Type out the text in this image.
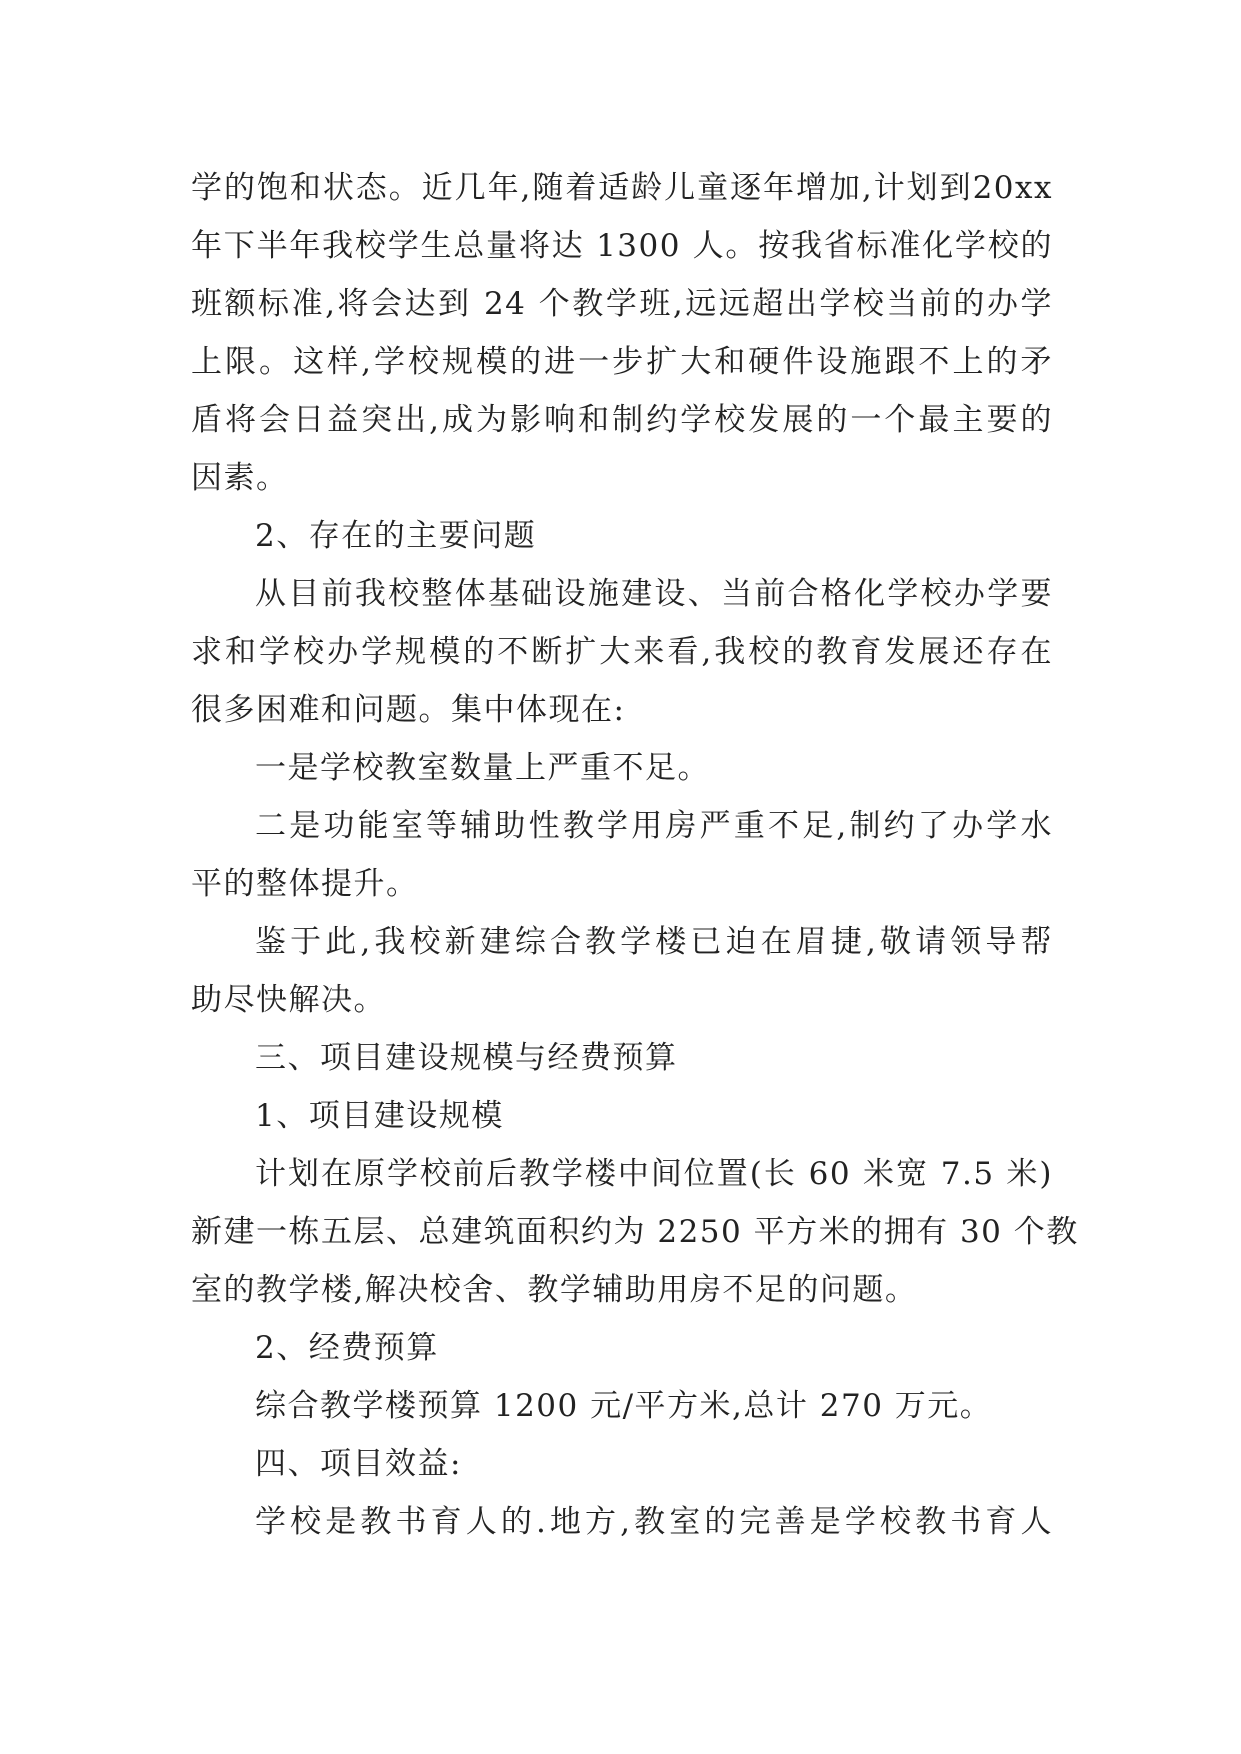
学的饱和状态。近几年,随着适龄儿童逐年增加,计划到20xx
年下半年我校学生总量将达 1300 人。按我省标准化学校的
班额标准,将会达到 24 个教学班,远远超出学校当前的办学
上限。这样,学校规模的进一步扩大和硬件设施跟不上的矛
盾将会日益突出,成为影响和制约学校发展的一个最主要的
因素。
2、存在的主要问题
从目前我校整体基础设施建设、当前合格化学校办学要
求和学校办学规模的不断扩大来看,我校的教育发展还存在
很多困难和问题。集中体现在:
一是学校教室数量上严重不足。
二是功能室等辅助性教学用房严重不足,制约了办学水
平的整体提升。
鉴于此,我校新建综合教学楼已迫在眉捷,敬请领导帮
助尽快解决。
三、项目建设规模与经费预算
1、项目建设规模
计划在原学校前后教学楼中间位置(长 60 米宽 7.5 米)
新建一栋五层、总建筑面积约为 2250 平方米的拥有 30 个教
室的教学楼,解决校舍、教学辅助用房不足的问题。
2、经费预算
综合教学楼预算 1200 元/平方米,总计 270 万元。
四、项目效益:
学校是教书育人的.地方,教室的完善是学校教书育人
